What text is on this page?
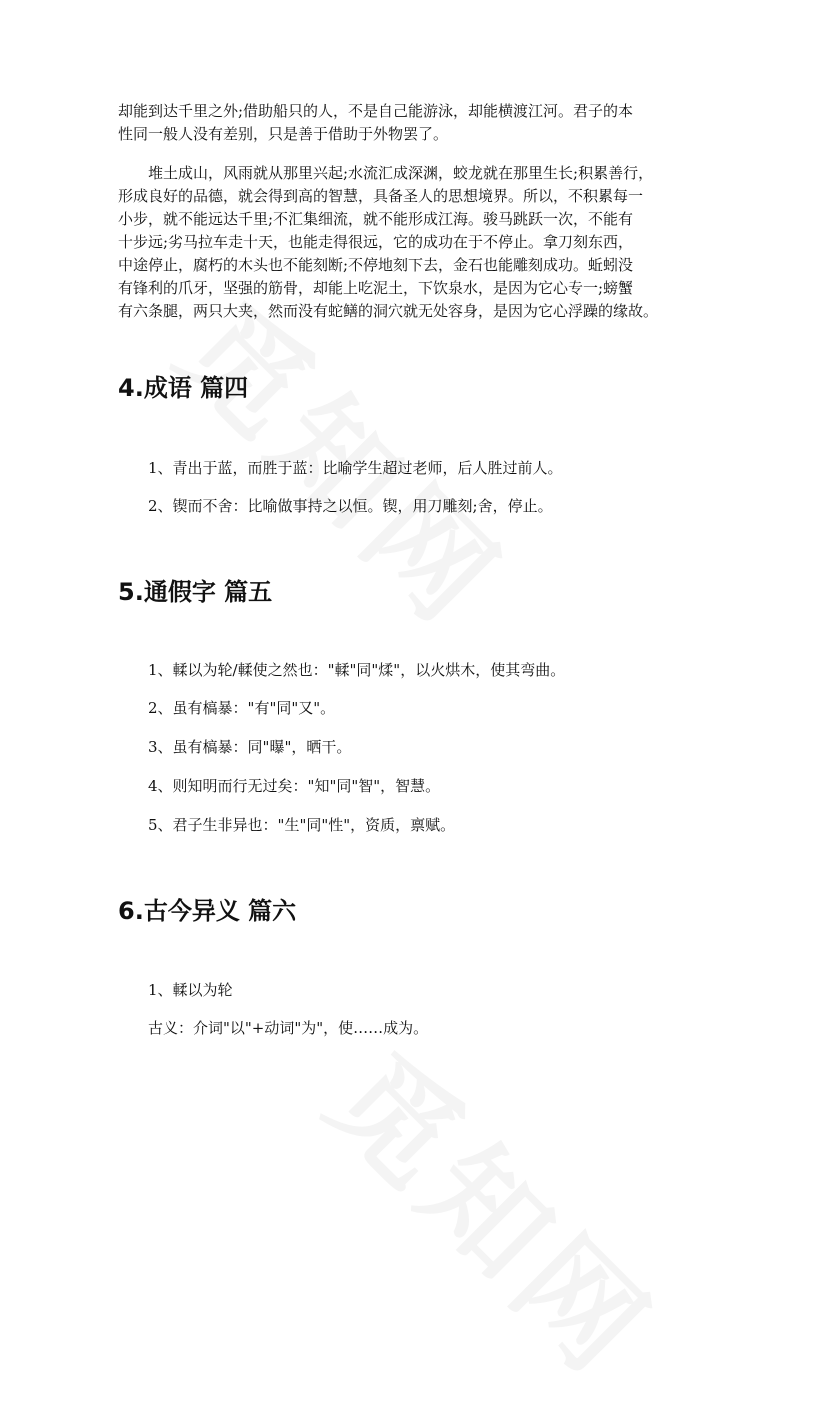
却能到达千里之外;借助船只的人，不是自己能游泳，却能横渡江河。君子的本
性同一般人没有差别，只是善于借助于外物罢了。
堆土成山，风雨就从那里兴起;水流汇成深渊，蛟龙就在那里生长;积累善行，
形成良好的品德，就会得到高的智慧，具备圣人的思想境界。所以，不积累每一
小步，就不能远达千里;不汇集细流，就不能形成江海。骏马跳跃一次，不能有
十步远;劣马拉车走十天，也能走得很远，它的成功在于不停止。拿刀刻东西，
中途停止，腐朽的木头也不能刻断;不停地刻下去，金石也能雕刻成功。蚯蚓没
有锋利的爪牙，坚强的筋骨，却能上吃泥土，下饮泉水，是因为它心专一;螃蟹
有六条腿，两只大夹，然而没有蛇鳝的洞穴就无处容身，是因为它心浮躁的缘故。
4.成语 篇四
1、青出于蓝，而胜于蓝：比喻学生超过老师，后人胜过前人。
2、锲而不舍：比喻做事持之以恒。锲，用刀雕刻;舍，停止。
5.通假字 篇五
1、輮以为轮/輮使之然也："輮"同"煣"，以火烘木，使其弯曲。
2、虽有槁暴："有"同"又"。
3、虽有槁暴：同"曝"，晒干。
4、则知明而行无过矣："知"同"智"，智慧。
5、君子生非异也："生"同"性"，资质，禀赋。
6.古今异义 篇六
1、輮以为轮
古义：介词"以"+动词"为"，使……成为。
